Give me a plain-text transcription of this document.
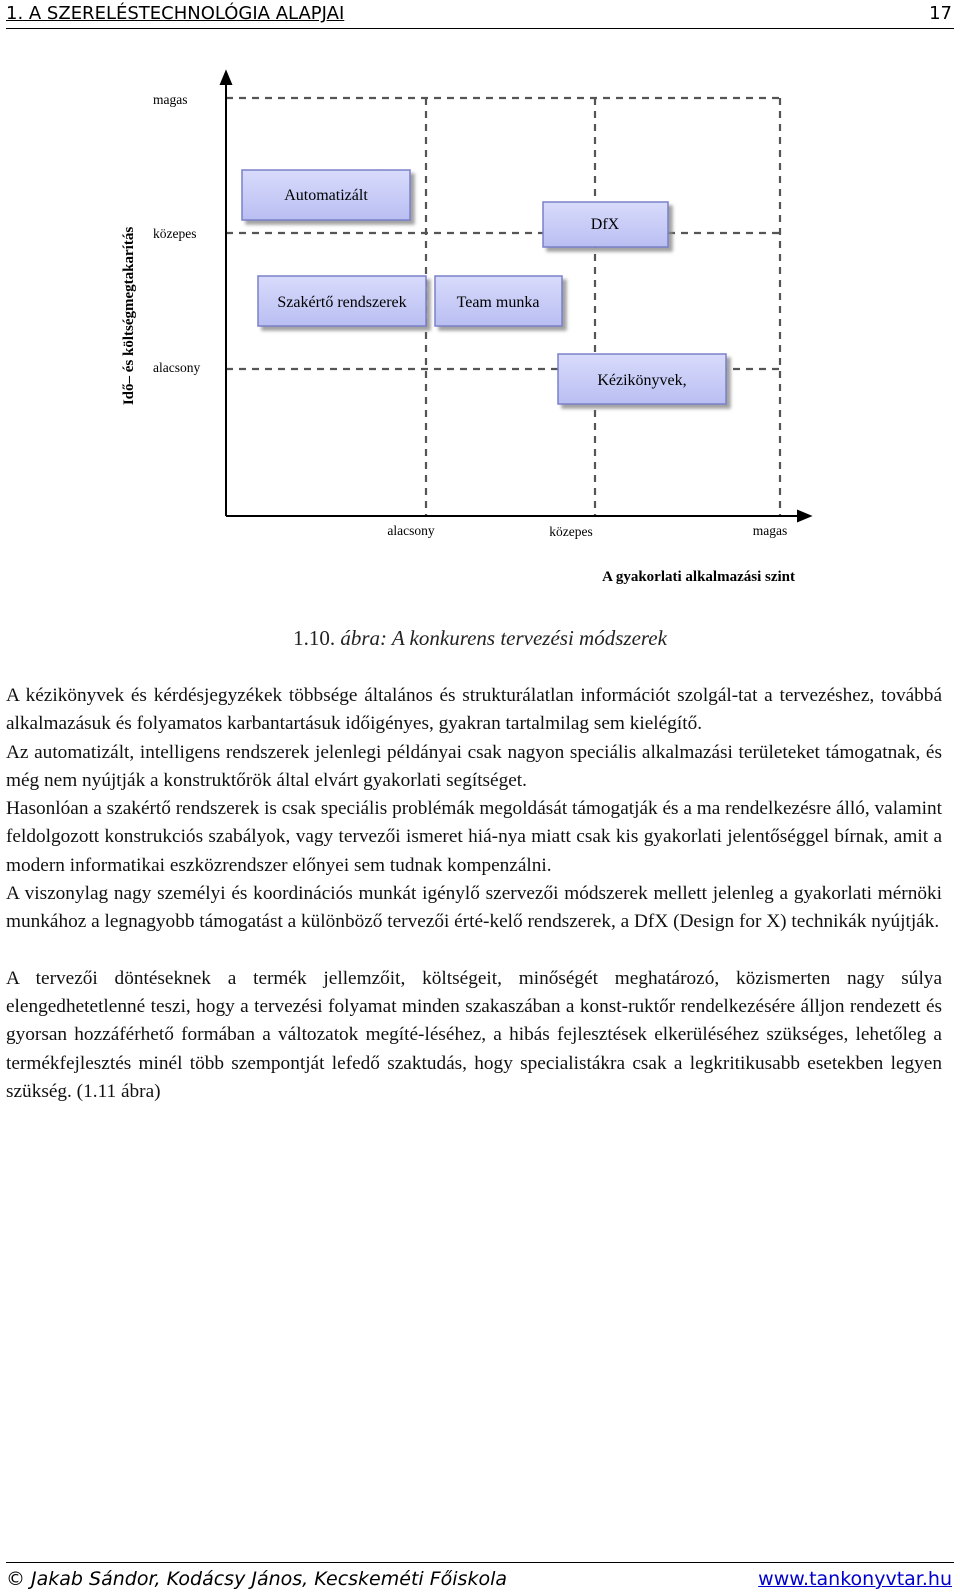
1. A SZERELÉSTECHNOLÓGIA ALAPJAI	17
Idő– és költségmegtakarítás
magas
közepes
alacsony
alacsony	közepes	magas
A gyakorlati alkalmazási szint
Automatizált
DfX
Szakértő rendszerek	Team munka
Kézikönyvek,
1.10. ábra: A konkurens tervezési módszerek

A kézikönyvek és kérdésjegyzékek többsége általános és strukturálatlan információt szolgál-tat a tervezéshez, továbbá alkalmazásuk és folyamatos karbantartásuk időigényes, gyakran tartalmilag sem kielégítő.

Az automatizált, intelligens rendszerek jelenlegi példányai csak nagyon speciális alkalmazási területeket támogatnak, és még nem nyújtják a konstruktőrök által elvárt gyakorlati segítséget.

Hasonlóan a szakértő rendszerek is csak speciális problémák megoldását támogatják és a ma rendelkezésre álló, valamint feldolgozott konstrukciós szabályok, vagy tervezői ismeret hiá-nya miatt csak kis gyakorlati jelentőséggel bírnak, amit a modern informatikai eszközrendszer előnyei sem tudnak kompenzálni.

A viszonylag nagy személyi és koordinációs munkát igénylő szervezői módszerek mellett jelenleg a gyakorlati mérnöki munkához a legnagyobb támogatást a különböző tervezői érté-kelő rendszerek, a DfX (Design for X) technikák nyújtják.

A tervezői döntéseknek a termék jellemzőit, költségeit, minőségét meghatározó, közismerten nagy súlya elengedhetetlenné teszi, hogy a tervezési folyamat minden szakaszában a konst-ruktőr rendelkezésére álljon rendezett és gyorsan hozzáférhető formában a változatok megíté-léséhez, a hibás fejlesztések elkerüléséhez szükséges, lehetőleg a termékfejlesztés minél több szempontját lefedő szaktudás, hogy specialistákra csak a legkritikusabb esetekben legyen szükség. (1.11 ábra)

© Jakab Sándor, Kodácsy János, Kecskeméti Főiskola	www.tankonyvtar.hu
